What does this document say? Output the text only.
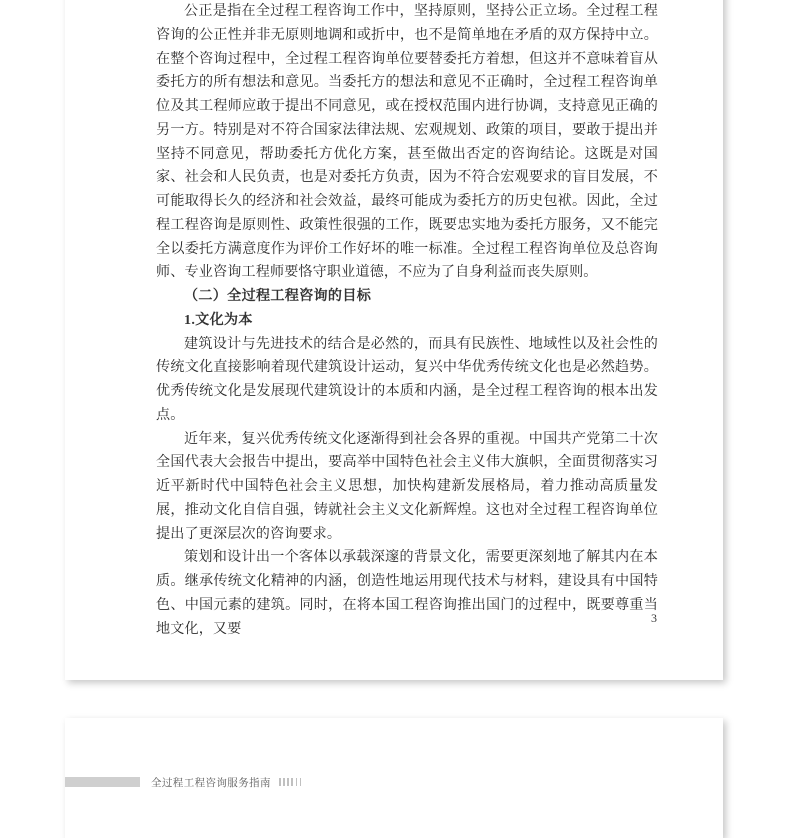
公正是指在全过程工程咨询工作中，坚持原则，坚持公正立场。全过程工程咨询的公正性并非无原则地调和或折中，也不是简单地在矛盾的双方保持中立。在整个咨询过程中，全过程工程咨询单位要替委托方着想，但这并不意味着盲从委托方的所有想法和意见。当委托方的想法和意见不正确时，全过程工程咨询单位及其工程师应敢于提出不同意见，或在授权范围内进行协调，支持意见正确的另一方。特别是对不符合国家法律法规、宏观规划、政策的项目，要敢于提出并坚持不同意见，帮助委托方优化方案，甚至做出否定的咨询结论。这既是对国家、社会和人民负责，也是对委托方负责，因为不符合宏观要求的盲目发展，不可能取得长久的经济和社会效益，最终可能成为委托方的历史包袱。因此，全过程工程咨询是原则性、政策性很强的工作，既要忠实地为委托方服务，又不能完全以委托方满意度作为评价工作好坏的唯一标准。全过程工程咨询单位及总咨询师、专业咨询工程师要恪守职业道德，不应为了自身利益而丧失原则。

（二）全过程工程咨询的目标

1.文化为本

建筑设计与先进技术的结合是必然的，而具有民族性、地域性以及社会性的传统文化直接影响着现代建筑设计运动，复兴中华优秀传统文化也是必然趋势。优秀传统文化是发展现代建筑设计的本质和内涵，是全过程工程咨询的根本出发点。

近年来，复兴优秀传统文化逐渐得到社会各界的重视。中国共产党第二十次全国代表大会报告中提出，要高举中国特色社会主义伟大旗帜，全面贯彻落实习近平新时代中国特色社会主义思想，加快构建新发展格局，着力推动高质量发展，推动文化自信自强，铸就社会主义文化新辉煌。这也对全过程工程咨询单位提出了更深层次的咨询要求。

策划和设计出一个客体以承载深邃的背景文化，需要更深刻地了解其内在本质。继承传统文化精神的内涵，创造性地运用现代技术与材料，建设具有中国特色、中国元素的建筑。同时，在将本国工程咨询推出国门的过程中，既要尊重当地文化，又要

3
全过程工程咨询服务指南
